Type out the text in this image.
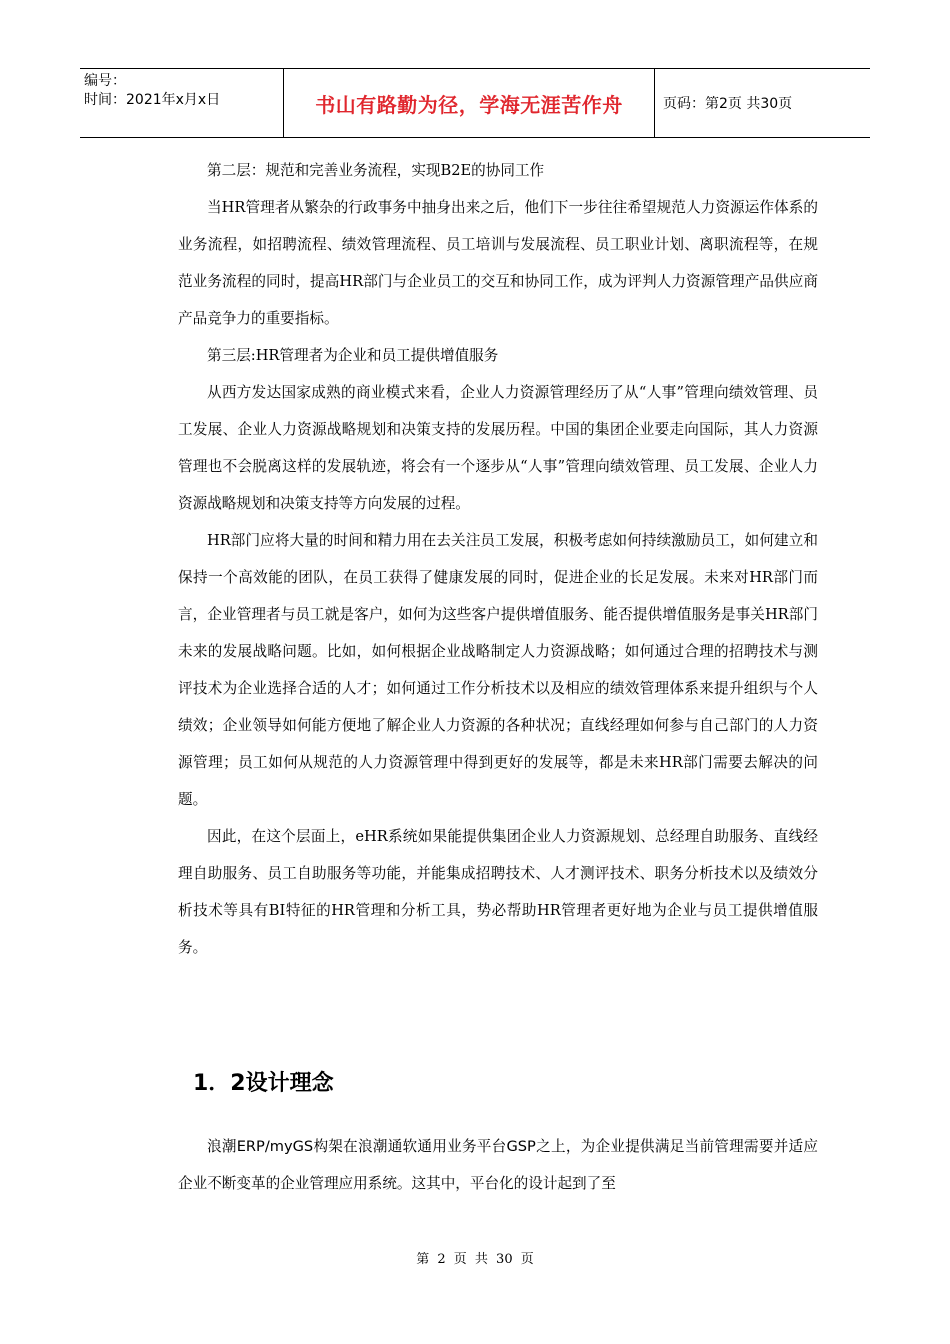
编号：
时间：2021年x月x日	书山有路勤为径，学海无涯苦作舟	页码：第2页 共30页

第二层：规范和完善业务流程，实现B2E的协同工作

当HR管理者从繁杂的行政事务中抽身出来之后，他们下一步往往希望规范人力资源运作体系的业务流程，如招聘流程、绩效管理流程、员工培训与发展流程、员工职业计划、离职流程等，在规范业务流程的同时，提高HR部门与企业员工的交互和协同工作，成为评判人力资源管理产品供应商产品竞争力的重要指标。

第三层:HR管理者为企业和员工提供增值服务

从西方发达国家成熟的商业模式来看，企业人力资源管理经历了从“人事”管理向绩效管理、员工发展、企业人力资源战略规划和决策支持的发展历程。中国的集团企业要走向国际，其人力资源管理也不会脱离这样的发展轨迹，将会有一个逐步从“人事”管理向绩效管理、员工发展、企业人力资源战略规划和决策支持等方向发展的过程。

HR部门应将大量的时间和精力用在去关注员工发展，积极考虑如何持续激励员工，如何建立和保持一个高效能的团队，在员工获得了健康发展的同时，促进企业的长足发展。未来对HR部门而言，企业管理者与员工就是客户，如何为这些客户提供增值服务、能否提供增值服务是事关HR部门未来的发展战略问题。比如，如何根据企业战略制定人力资源战略；如何通过合理的招聘技术与测评技术为企业选择合适的人才；如何通过工作分析技术以及相应的绩效管理体系来提升组织与个人绩效；企业领导如何能方便地了解企业人力资源的各种状况；直线经理如何参与自己部门的人力资源管理；员工如何从规范的人力资源管理中得到更好的发展等，都是未来HR部门需要去解决的问题。

因此，在这个层面上，eHR系统如果能提供集团企业人力资源规划、总经理自助服务、直线经理自助服务、员工自助服务等功能，并能集成招聘技术、人才测评技术、职务分析技术以及绩效分析技术等具有BI特征的HR管理和分析工具，势必帮助HR管理者更好地为企业与员工提供增值服务。

1．2设计理念

浪潮ERP/myGS构架在浪潮通软通用业务平台GSP之上，为企业提供满足当前管理需要并适应企业不断变革的企业管理应用系统。这其中，平台化的设计起到了至

第 2 页 共 30 页
